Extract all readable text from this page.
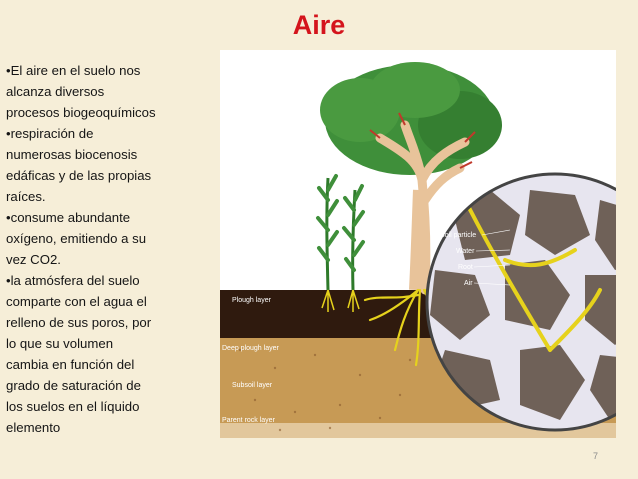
Aire

•El aire en el suelo nos

alcanza diversos

procesos biogeoquímicos

•respiración de

numerosas biocenosis

edáficas y de las propias

raíces.

•consume abundante

oxígeno, emitiendo a su

vez CO2.

•la atmósfera del suelo

comparte con el agua el

relleno de sus poros, por

lo que su volumen

cambia en función del

grado de saturación de

los suelos en el líquido

elemento

Plough layer
Deep plough layer
Subsoil layer
Parent rock layer
Soil particle
Water
Root
Air
7
